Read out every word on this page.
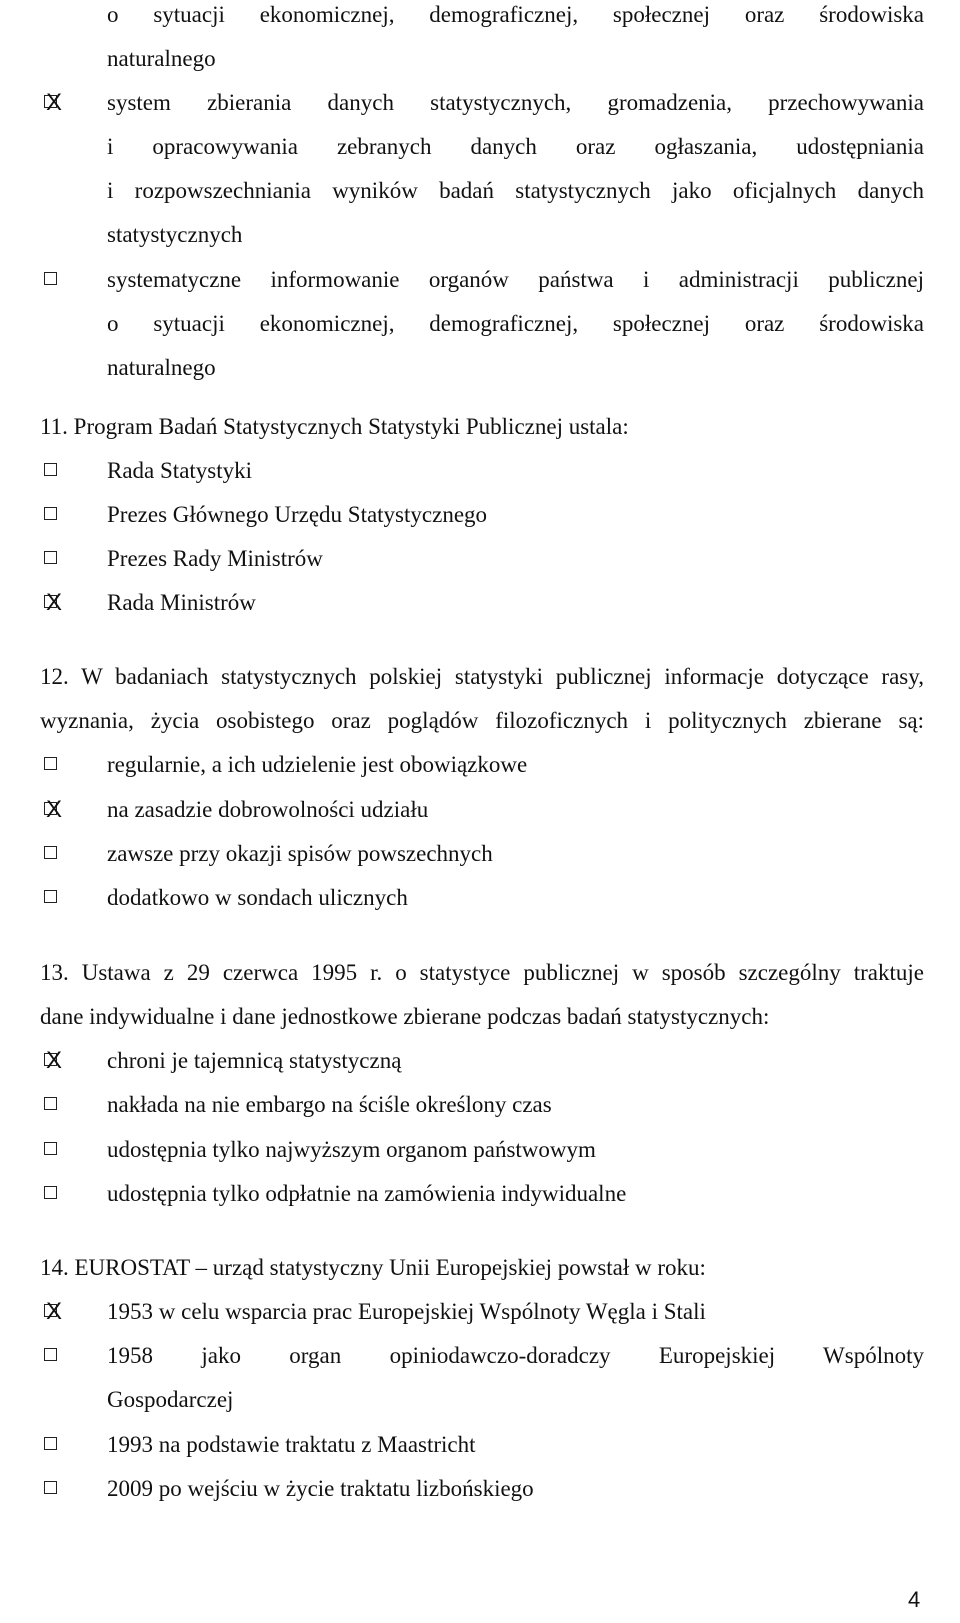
o sytuacji ekonomicznej, demograficznej, społecznej oraz środowiska
naturalnego
X system zbierania danych statystycznych, gromadzenia, przechowywania
i opracowywania zebranych danych oraz ogłaszania, udostępniania
i rozpowszechniania wyników badań statystycznych jako oficjalnych danych
statystycznych
systematyczne informowanie organów państwa i administracji publicznej
o sytuacji ekonomicznej, demograficznej, społecznej oraz środowiska
naturalnego
11. Program Badań Statystycznych Statystyki Publicznej ustala:
Rada Statystyki
Prezes Głównego Urzędu Statystycznego
Prezes Rady Ministrów
X Rada Ministrów
12. W badaniach statystycznych polskiej statystyki publicznej informacje dotyczące rasy,
wyznania, życia osobistego oraz poglądów filozoficznych i politycznych zbierane są:
regularnie, a ich udzielenie jest obowiązkowe
X na zasadzie dobrowolności udziału
zawsze przy okazji spisów powszechnych
dodatkowo w sondach ulicznych
13. Ustawa z 29 czerwca 1995 r. o statystyce publicznej w sposób szczególny traktuje
dane indywidualne i dane jednostkowe zbierane podczas badań statystycznych:
X chroni je tajemnicą statystyczną
nakłada na nie embargo na ściśle określony czas
udostępnia tylko najwyższym organom państwowym
udostępnia tylko odpłatnie na zamówienia indywidualne
14. EUROSTAT – urząd statystyczny Unii Europejskiej powstał w roku:
X 1953 w celu wsparcia prac Europejskiej Wspólnoty Węgla i Stali
1958 jako organ opiniodawczo-doradczy Europejskiej Wspólnoty
Gospodarczej
1993 na podstawie traktatu z Maastricht
2009 po wejściu w życie traktatu lizbońskiego
4
